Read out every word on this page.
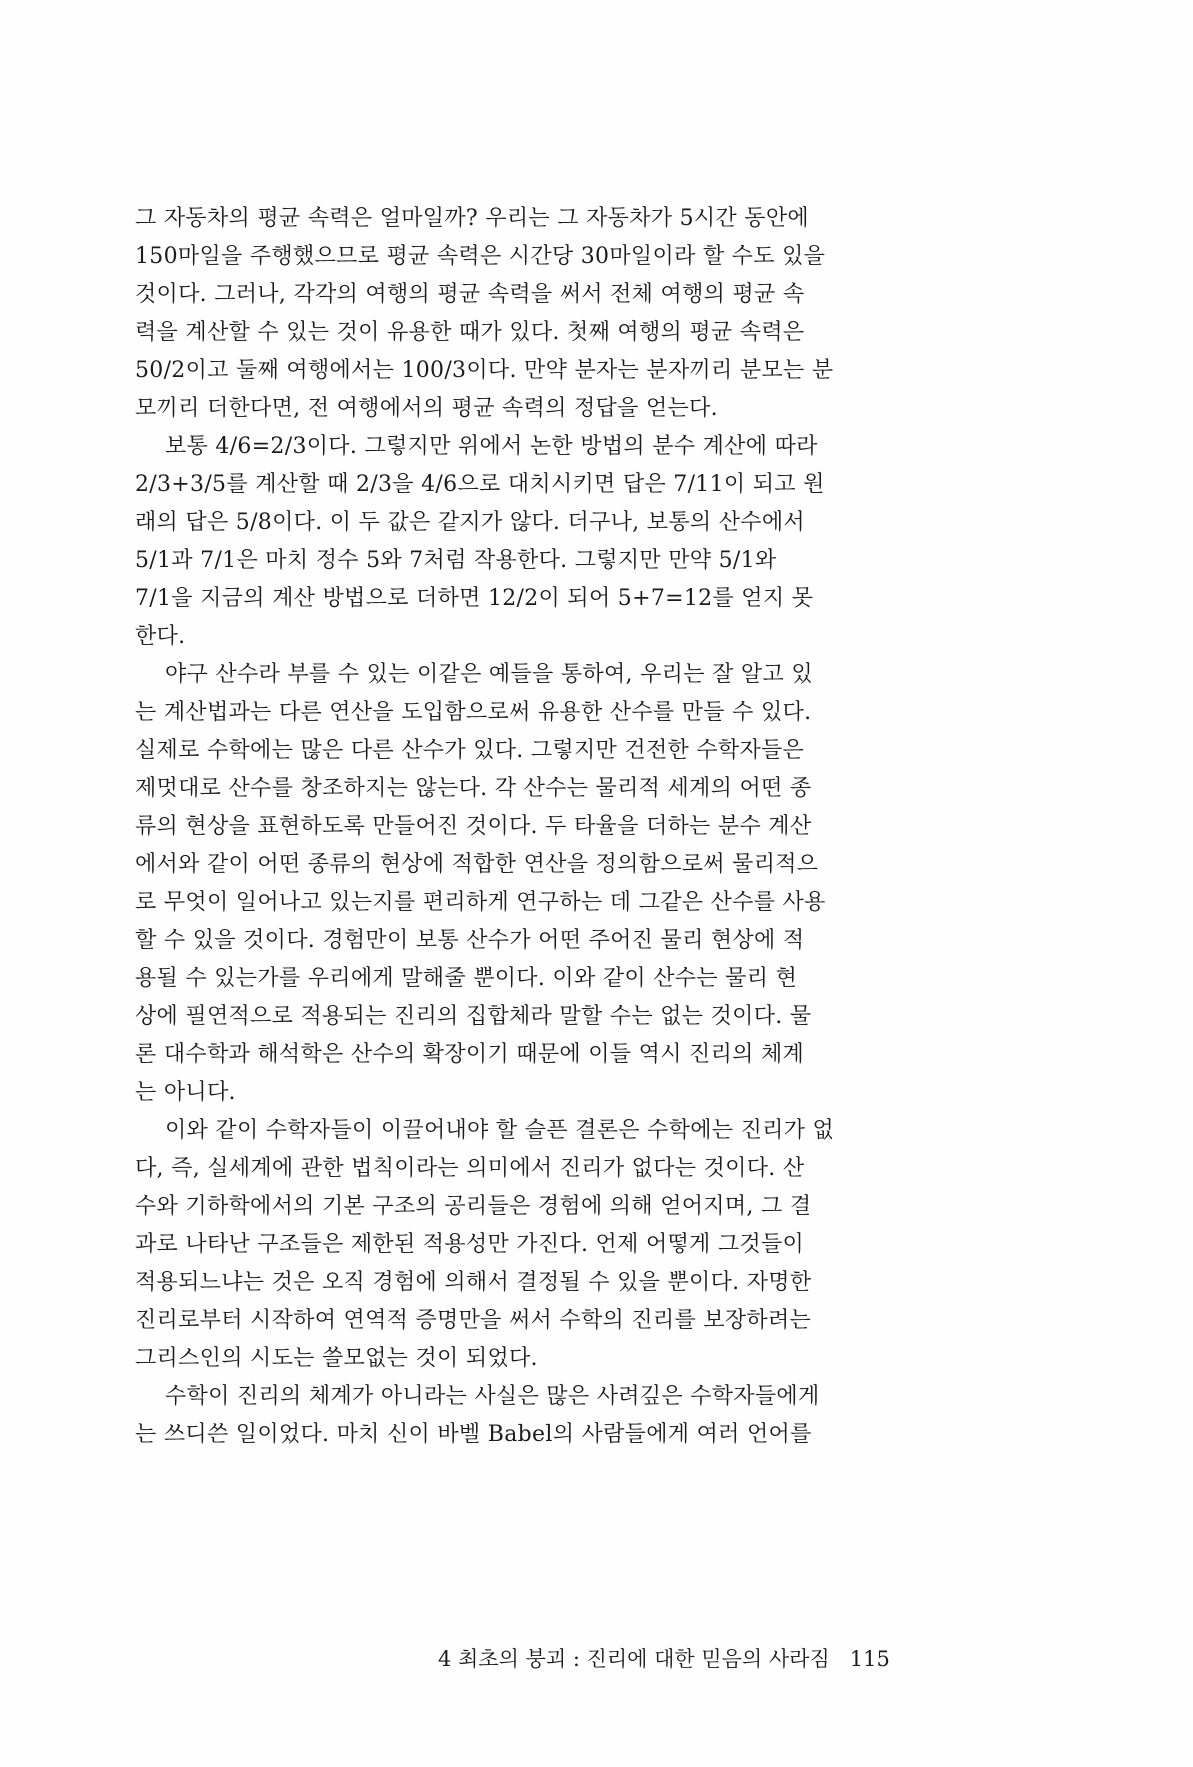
그 자동차의 평균 속력은 얼마일까? 우리는 그 자동차가 5시간 동안에
150마일을 주행했으므로 평균 속력은 시간당 30마일이라 할 수도 있을
것이다. 그러나, 각각의 여행의 평균 속력을 써서 전체 여행의 평균 속
력을 계산할 수 있는 것이 유용한 때가 있다. 첫째 여행의 평균 속력은
50/2이고 둘째 여행에서는 100/3이다. 만약 분자는 분자끼리 분모는 분
모끼리 더한다면, 전 여행에서의 평균 속력의 정답을 얻는다.
보통 4/6=2/3이다. 그렇지만 위에서 논한 방법의 분수 계산에 따라
2/3+3/5를 계산할 때 2/3을 4/6으로 대치시키면 답은 7/11이 되고 원
래의 답은 5/8이다. 이 두 값은 같지가 않다. 더구나, 보통의 산수에서
5/1과 7/1은 마치 정수 5와 7처럼 작용한다. 그렇지만 만약 5/1와
7/1을 지금의 계산 방법으로 더하면 12/2이 되어 5+7=12를 얻지 못
한다.
야구 산수라 부를 수 있는 이같은 예들을 통하여, 우리는 잘 알고 있
는 계산법과는 다른 연산을 도입함으로써 유용한 산수를 만들 수 있다.
실제로 수학에는 많은 다른 산수가 있다. 그렇지만 건전한 수학자들은
제멋대로 산수를 창조하지는 않는다. 각 산수는 물리적 세계의 어떤 종
류의 현상을 표현하도록 만들어진 것이다. 두 타율을 더하는 분수 계산
에서와 같이 어떤 종류의 현상에 적합한 연산을 정의함으로써 물리적으
로 무엇이 일어나고 있는지를 편리하게 연구하는 데 그같은 산수를 사용
할 수 있을 것이다. 경험만이 보통 산수가 어떤 주어진 물리 현상에 적
용될 수 있는가를 우리에게 말해줄 뿐이다. 이와 같이 산수는 물리 현
상에 필연적으로 적용되는 진리의 집합체라 말할 수는 없는 것이다. 물
론 대수학과 해석학은 산수의 확장이기 때문에 이들 역시 진리의 체계
는 아니다.
이와 같이 수학자들이 이끌어내야 할 슬픈 결론은 수학에는 진리가 없
다, 즉, 실세계에 관한 법칙이라는 의미에서 진리가 없다는 것이다. 산
수와 기하학에서의 기본 구조의 공리들은 경험에 의해 얻어지며, 그 결
과로 나타난 구조들은 제한된 적용성만 가진다. 언제 어떻게 그것들이
적용되느냐는 것은 오직 경험에 의해서 결정될 수 있을 뿐이다. 자명한
진리로부터 시작하여 연역적 증명만을 써서 수학의 진리를 보장하려는
그리스인의 시도는 쓸모없는 것이 되었다.
수학이 진리의 체계가 아니라는 사실은 많은 사려깊은 수학자들에게
는 쓰디쓴 일이었다. 마치 신이 바벨 Babel의 사람들에게 여러 언어를
4 최초의 붕괴 : 진리에 대한 믿음의 사라짐 115
